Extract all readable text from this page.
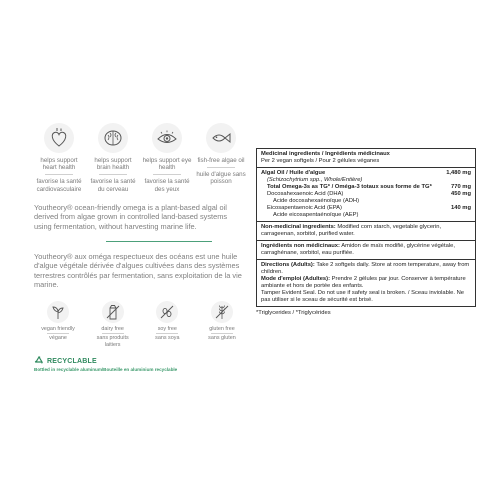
helps support heart health
favorise la santé cardiovasculaire
helps support brain health
favorise la santé du cerveau
helps support eye health
favorise la santé des yeux
fish-free algae oil
huile d'algue sans poisson

Youtheory® ocean-friendly omega is a plant-based algal oil derived from algae grown in controlled land-based systems using fermentation, without harvesting marine life.

Youtheory® aux oméga respectueux des océans est une huile d'algue végétale dérivée d'algues cultivées dans des systèmes terrestres contrôlés par fermentation, sans exploitation de la vie marine.

vegan friendly
végane
dairy free
sans produits laitiers
soy free
sans soya
gluten free
sans gluten
RECYCLABLE
Bottled in recyclable aluminum/Bouteille en aluminium recyclable
Medicinal ingredients / Ingrédients médicinaux
Per 2 vegan softgels / Pour 2 gélules véganes
Algal Oil / Huile d'algue	1,480 mg
(Schizochytrium spp., Whole/Entière)
Total Omega-3s as TG* / Oméga-3 totaux sous forme de TG*	770 mg
Docosahexaenoic Acid (DHA)	450 mg
Acide docosahexaénoïque (ADH)
Eicosapentaenoic Acid (EPA)	140 mg
Acide eicosapentaénoïque (AEP)
Non-medicinal ingredients: Modified corn starch, vegetable glycerin, carrageenan, sorbitol, purified water.
Ingrédients non médicinaux: Amidon de maïs modifié, glycérine végétale, carraghénane, sorbitol, eau purifiée.
Directions (Adults): Take 2 softgels daily. Store at room temperature, away from children.
Mode d'emploi (Adultes): Prendre 2 gélules par jour. Conserver à température ambiante et hors de portée des enfants.
Tamper Evident Seal. Do not use if safety seal is broken. / Sceau inviolable. Ne pas utiliser si le sceau de sécurité est brisé.
*Triglycerides / *Triglycérides
